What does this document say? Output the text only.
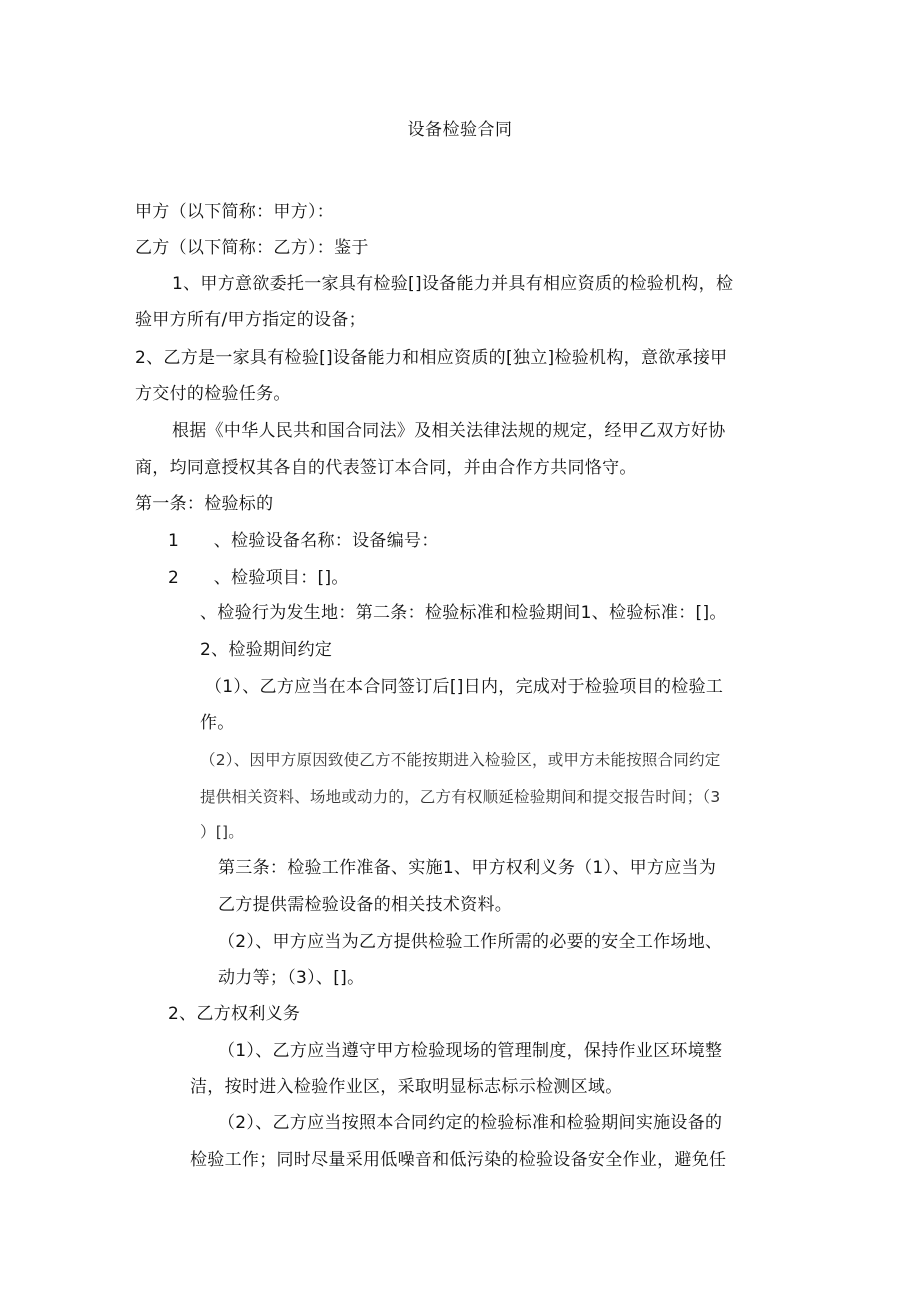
设备检验合同
甲方（以下简称：甲方）：
乙方（以下简称：乙方）：鉴于
1、甲方意欲委托一家具有检验[]设备能力并具有相应资质的检验机构，检
验甲方所有/甲方指定的设备；
2、乙方是一家具有检验[]设备能力和相应资质的[独立]检验机构，意欲承接甲
方交付的检验任务。
根据《中华人民共和国合同法》及相关法律法规的规定，经甲乙双方好协
商，均同意授权其各自的代表签订本合同，并由合作方共同恪守。
第一条：检验标的
1　　、检验设备名称：设备编号：
2　　、检验项目：[]。
、检验行为发生地：第二条：检验标准和检验期间1、检验标准：[]。
2、检验期间约定
（1）、乙方应当在本合同签订后[]日内，完成对于检验项目的检验工
作。
（2）、因甲方原因致使乙方不能按期进入检验区，或甲方未能按照合同约定
提供相关资料、场地或动力的，乙方有权顺延检验期间和提交报告时间；（3
）[]。
第三条：检验工作准备、实施1、甲方权利义务（1）、甲方应当为
乙方提供需检验设备的相关技术资料。
（2）、甲方应当为乙方提供检验工作所需的必要的安全工作场地、
动力等；（3）、[]。
2、乙方权利义务
（1）、乙方应当遵守甲方检验现场的管理制度，保持作业区环境整
洁，按时进入检验作业区，采取明显标志标示检测区域。
（2）、乙方应当按照本合同约定的检验标准和检验期间实施设备的
检验工作；同时尽量采用低噪音和低污染的检验设备安全作业，避免任
